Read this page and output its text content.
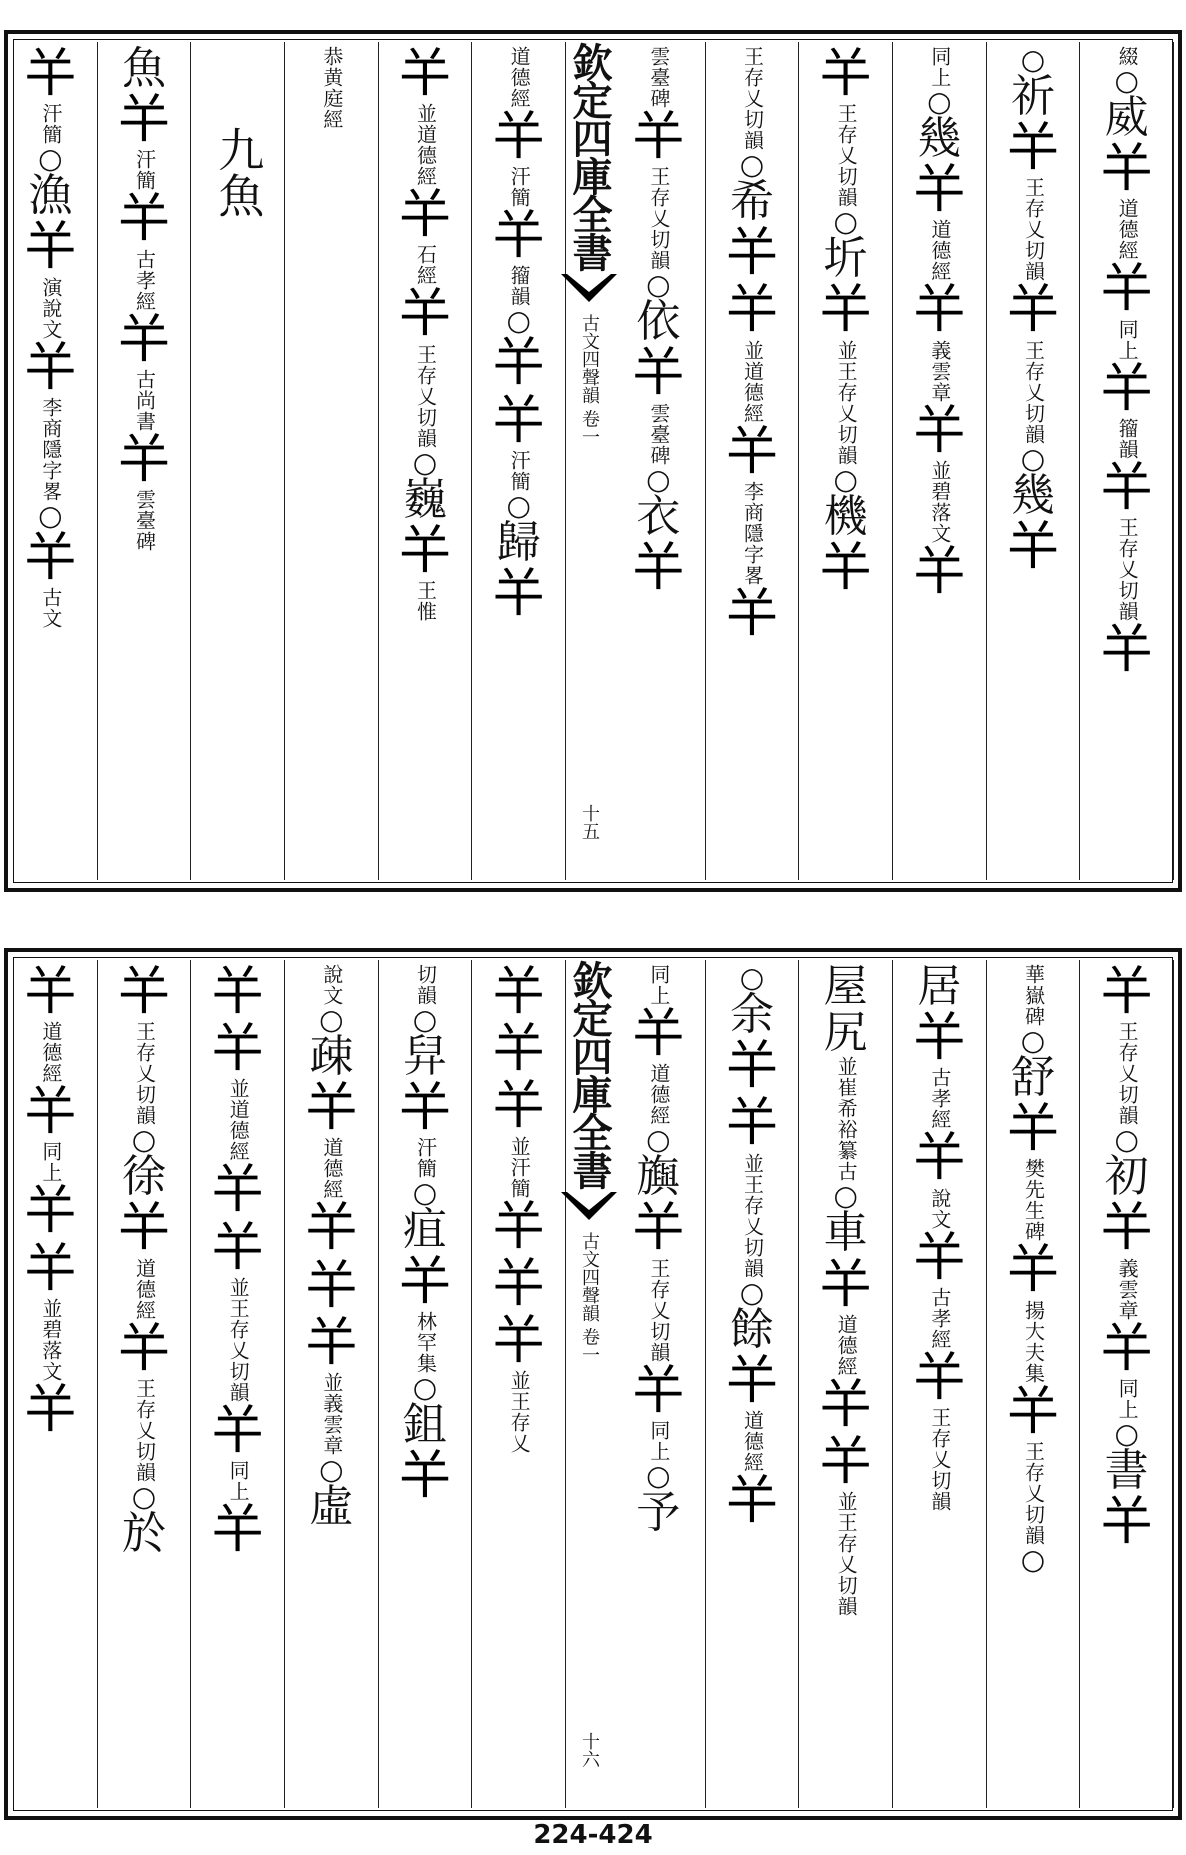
綴
○
威
𢆉
道德經
𢆉
同上
𢆉
籀韻
𢆉
王存乂切韻
𢆉
○
祈
𢆉
王存乂切韻
𢆉
王存乂切韻
○
幾
𢆉
同上
○
幾
𢆉
道德經
𢆉
義雲章
𢆉
並碧落文
𢆉
𢆉
王存乂切韻
○
圻
𢆉
並王存乂切韻
○
機
𢆉
王存乂切韻
○
希
𢆉
𢆉
並道德經
𢆉
李商隱字畧
𢆉
雲臺碑
𢆉
王存乂切韻
○
依
𢆉
雲臺碑
○
衣
𢆉
道德經
𢆉
汗簡
𢆉
籀韻
○
𢆉
𢆉
汗簡
○
歸
𢆉
𢆉
並道德經
𢆉
石經
𢆉
王存乂切韻
○
巍
𢆉
王惟
恭黄庭經
九魚
魚
𢆉
汗簡
𢆉
古孝經
𢆉
古尚書
𢆉
雲臺碑
𢆉
汗簡
○
漁
𢆉
演說文
𢆉
李商隱字畧
○
𢆉
古文
欽定四庫全書
古文四聲韻 卷一
十五
𢆉
王存乂切韻
○
初
𢆉
義雲章
𢆉
同上
○
書
𢆉
華嶽碑
○
舒
𢆉
樊先生碑
𢆉
揚大夫集
𢆉
王存乂切韻
○
居
𢆉
古孝經
𢆉
說文
𢆉
古孝經
𢆉
王存乂切韻
屋
尻
並崔希裕纂古
○
車
𢆉
道德經
𢆉
𢆉
並王存乂切韻
○
余
𢆉
𢆉
並王存乂切韻
○
餘
𢆉
道德經
𢆉
同上
𢆉
道德經
○
旟
𢆉
王存乂切韻
𢆉
同上
○
予
𢆉
𢆉
𢆉
並汗簡
𢆉
𢆉
𢆉
並王存乂
切韻
○
舁
𢆉
汗簡
○
疽
𢆉
林罕集
○
鉏
𢆉
說文
○
疎
𢆉
道德經
𢆉
𢆉
𢆉
並義雲章
○
虛
𢆉
𢆉
並道德經
𢆉
𢆉
並王存乂切韻
𢆉
同上
𢆉
𢆉
王存乂切韻
○
徐
𢆉
道德經
𢆉
王存乂切韻
○
於
𢆉
道德經
𢆉
同上
𢆉
𢆉
並碧落文
𢆉
欽定四庫全書
古文四聲韻 卷一
十六
224-424
